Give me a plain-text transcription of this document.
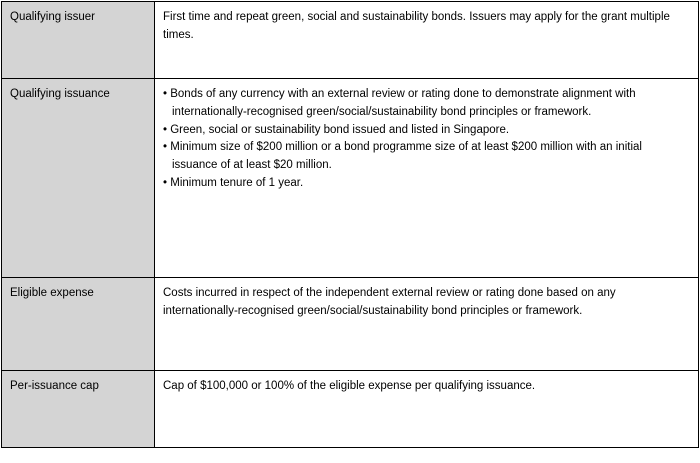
Qualifying issuer	First time and repeat green, social and sustainability bonds. Issuers may apply for the grant multiple times.

Qualifying issuance	• Bonds of any currency with an external review or rating done to demonstrate alignment with internationally-recognised green/social/sustainability bond principles or framework.

• Green, social or sustainability bond issued and listed in Singapore.

• Minimum size of $200 million or a bond programme size of at least $200 million with an initial issuance of at least $20 million.

• Minimum tenure of 1 year.

Eligible expense	Costs incurred in respect of the independent external review or rating done based on any internationally-recognised green/social/sustainability bond principles or framework.

Per-issuance cap	Cap of $100,000 or 100% of the eligible expense per qualifying issuance.
